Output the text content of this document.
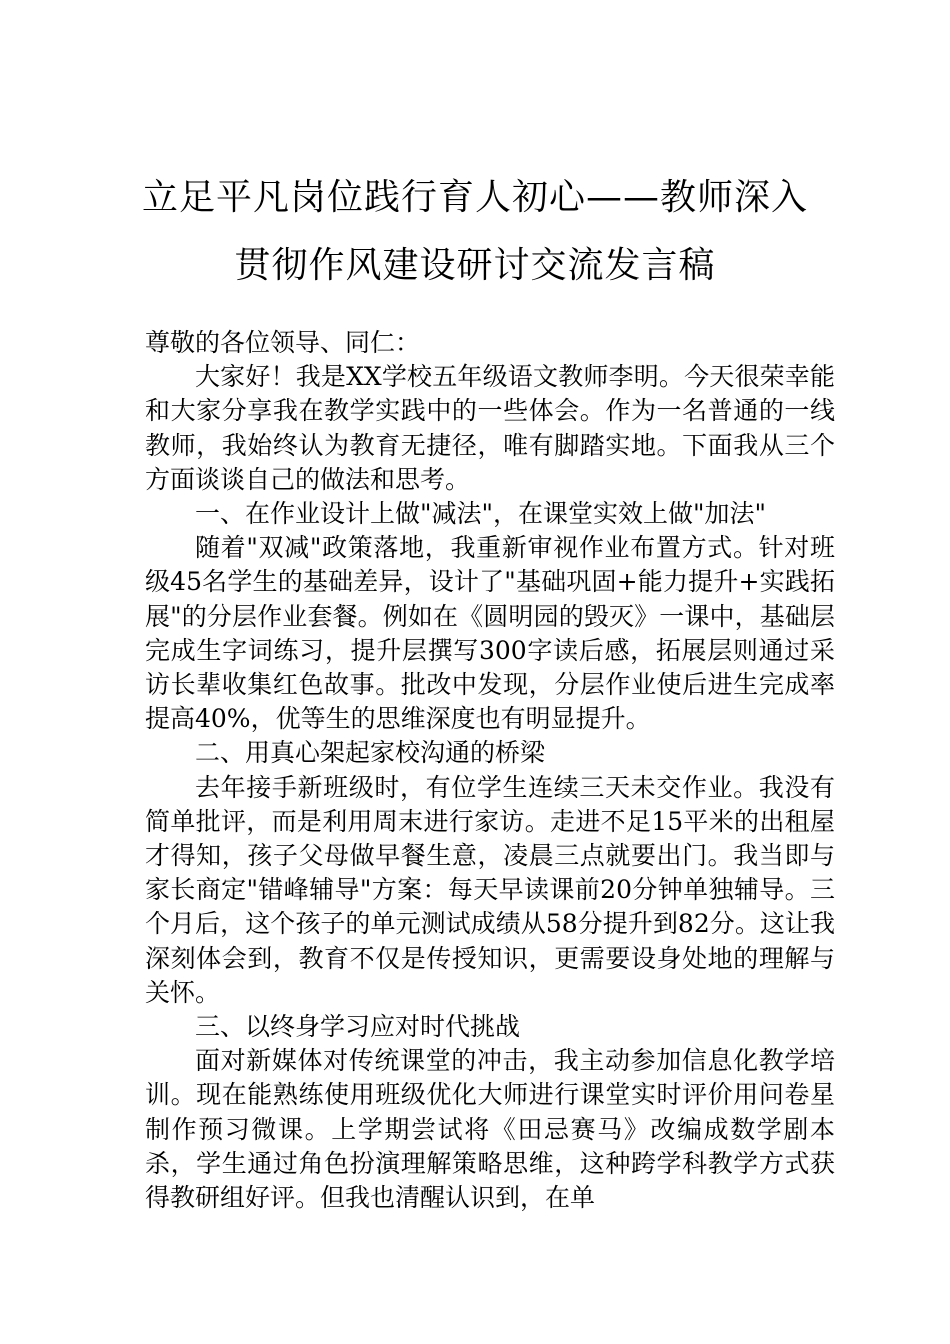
立足平凡岗位践行育人初心——教师深入
贯彻作风建设研讨交流发言稿

尊敬的各位领导、同仁：

大家好！我是XX学校五年级语文教师李明。今天很荣幸能和大家分享我在教学实践中的一些体会。作为一名普通的一线教师，我始终认为教育无捷径，唯有脚踏实地。下面我从三个方面谈谈自己的做法和思考。

一、在作业设计上做"减法"，在课堂实效上做"加法"

随着"双减"政策落地，我重新审视作业布置方式。针对班级45名学生的基础差异，设计了"基础巩固+能力提升+实践拓展"的分层作业套餐。例如在《圆明园的毁灭》一课中，基础层完成生字词练习，提升层撰写300字读后感，拓展层则通过采访长辈收集红色故事。批改中发现，分层作业使后进生完成率提高40%，优等生的思维深度也有明显提升。

二、用真心架起家校沟通的桥梁

去年接手新班级时，有位学生连续三天未交作业。我没有简单批评，而是利用周末进行家访。走进不足15平米的出租屋才得知，孩子父母做早餐生意，凌晨三点就要出门。我当即与家长商定"错峰辅导"方案：每天早读课前20分钟单独辅导。三个月后，这个孩子的单元测试成绩从58分提升到82分。这让我深刻体会到，教育不仅是传授知识，更需要设身处地的理解与关怀。

三、以终身学习应对时代挑战

面对新媒体对传统课堂的冲击，我主动参加信息化教学培训。现在能熟练使用班级优化大师进行课堂实时评价用问卷星制作预习微课。上学期尝试将《田忌赛马》改编成数学剧本杀，学生通过角色扮演理解策略思维，这种跨学科教学方式获得教研组好评。但我也清醒认识到，在单
